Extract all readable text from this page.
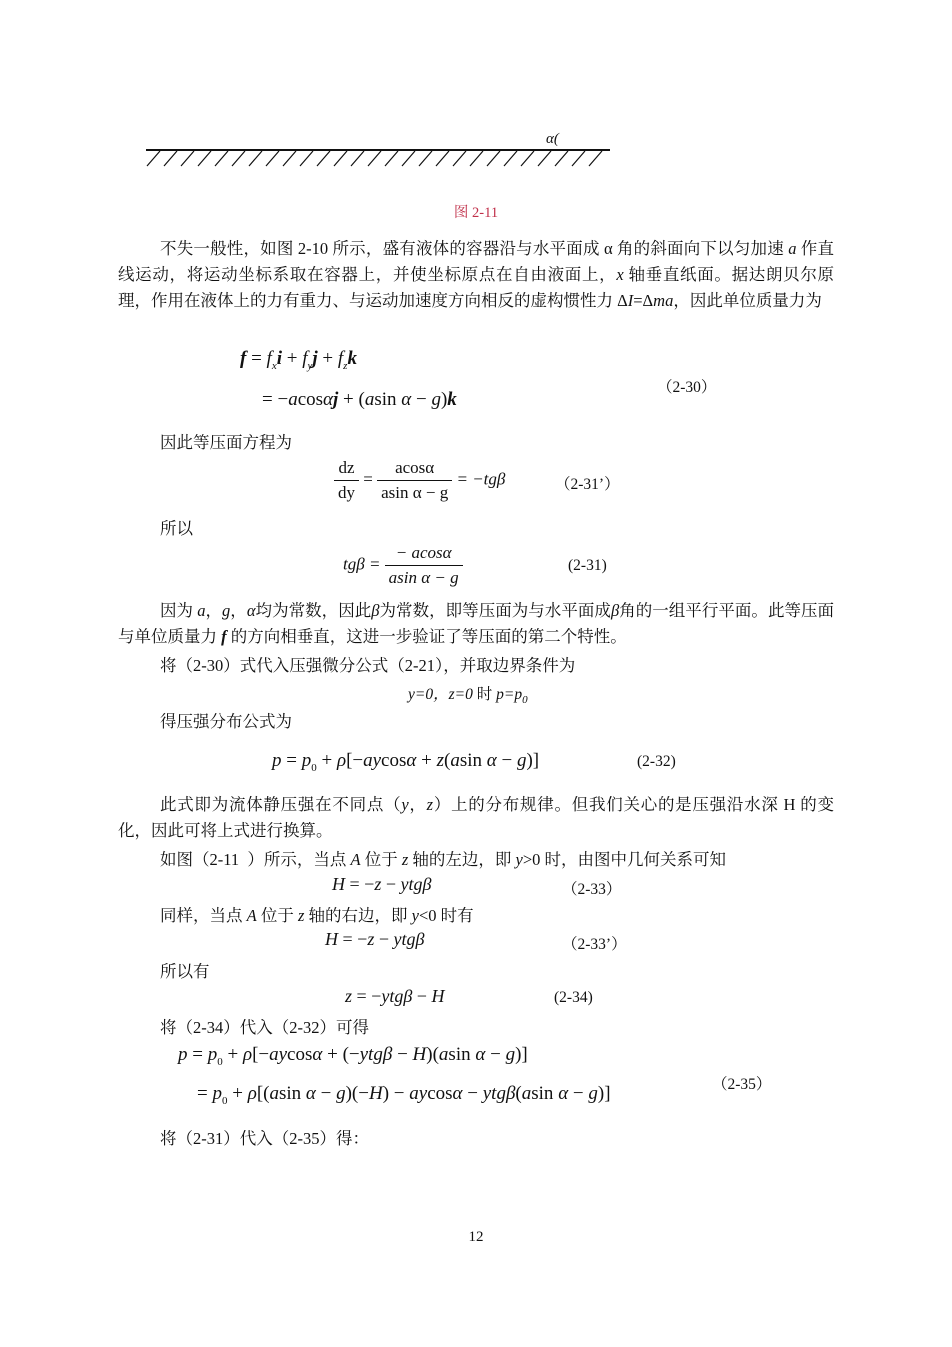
α(
图 2-11
不失一般性，如图 2-10 所示，盛有液体的容器沿与水平面成 α 角的斜面向下以匀加速 a 作直线运动，将运动坐标系取在容器上，并使坐标原点在自由液面上，x 轴垂直纸面。据达朗贝尔原理，作用在液体上的力有重力、与运动加速度方向相反的虚构惯性力 ΔI=Δma，因此单位质量力为
$f = f_xi + f_yj + f_zk$
= −acosαj + (asin α − g)k
（2-30）
因此等压面方程为
$\frac{dz}{dy} = \frac{acos\alpha}{\text{asin α − g}} = -tg\beta$	（2-31’）
所以
$tg\beta = \frac{- acos\alpha}{\text{asin α − g}}$	(2-31)
因为 a，g，α均为常数，因此β为常数，即等压面为与水平面成β角的一组平行平面。此等压面与单位质量力 f 的方向相垂直，这进一步验证了等压面的第二个特性。
将（2-30）式代入压强微分公式（2-21），并取边界条件为
y=0，z=0 时 $p=p_0$
得压强分布公式为
$p = p_0 + \rho[-aycos\alpha + z(asin$ α − g)]	(2-32)
此式即为流体静压强在不同点（y，z）上的分布规律。但我们关心的是压强沿水深 H 的变化，因此可将上式进行换算。
如图（2-11  ）所示，当点 A 位于 z 轴的左边，即 y>0 时，由图中几何关系可知
H = −z − ytgβ	（2-33）
同样，当点 A 位于 z 轴的右边，即 y<0 时有
H = −z − ytgβ	（2-33’）
所以有
z = −ytgβ − H	(2-34)
将（2-34）代入（2-32）可得
$p = p_0 + \rho[-aycos\alpha + (-ytg\beta - H)(asin$ α − g)]
= $p_0 + \rho[(asin$ α − g)(−H) − aycosα − ytgβ(asin α − g)]	（2-35）
将（2-31）代入（2-35）得：
12
